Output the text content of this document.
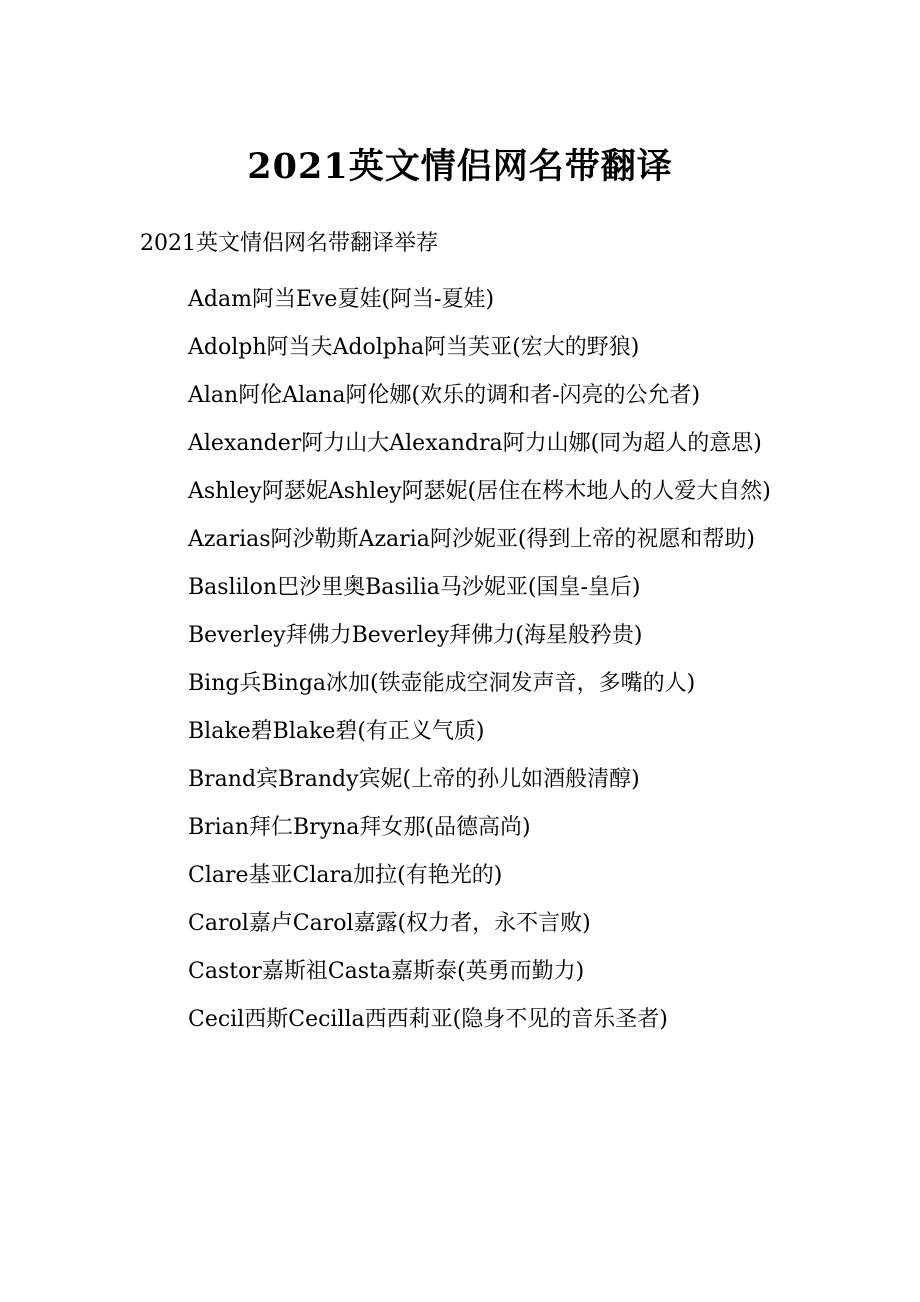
2021英文情侣网名带翻译

2021英文情侣网名带翻译举荐

Adam阿当Eve夏娃(阿当-夏娃)
Adolph阿当夫Adolpha阿当芙亚(宏大的野狼)
Alan阿伦Alana阿伦娜(欢乐的调和者-闪亮的公允者)
Alexander阿力山大Alexandra阿力山娜(同为超人的意思)
Ashley阿瑟妮Ashley阿瑟妮(居住在梣木地人的人爱大自然)
Azarias阿沙勒斯Azaria阿沙妮亚(得到上帝的祝愿和帮助)
Baslilon巴沙里奥Basilia马沙妮亚(国皇-皇后)
Beverley拜佛力Beverley拜佛力(海星般矜贵)
Bing兵Binga冰加(铁壶能成空洞发声音，多嘴的人)
Blake碧Blake碧(有正义气质)
Brand宾Brandy宾妮(上帝的孙儿如酒般清醇)
Brian拜仁Bryna拜女那(品德高尚)
Clare基亚Clara加拉(有艳光的)
Carol嘉卢Carol嘉露(权力者，永不言败)
Castor嘉斯祖Casta嘉斯泰(英勇而勤力)
Cecil西斯Cecilla西西莉亚(隐身不见的音乐圣者)
